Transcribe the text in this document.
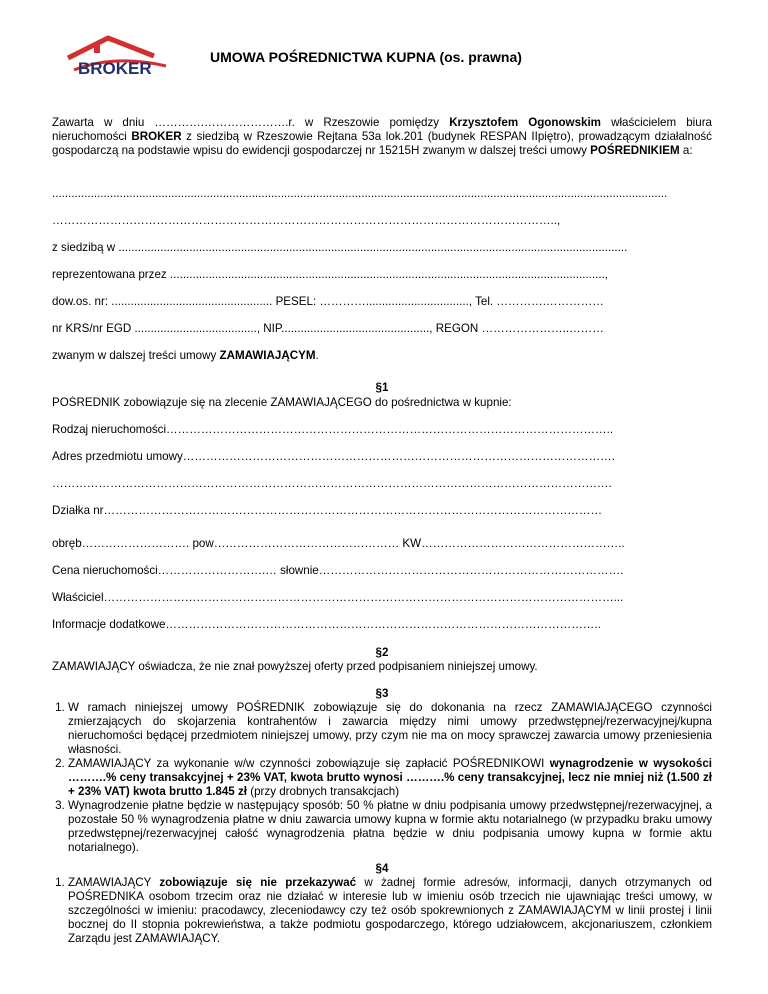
BROKER
UMOWA POŚREDNICTWA KUPNA (os. prawna)
Zawarta w dniu ………….………………….r. w Rzeszowie pomiędzy Krzysztofem Ogonowskim właścicielem biura nieruchomości BROKER z siedzibą w Rzeszowie Rejtana 53a lok.201 (budynek RESPAN IIpiętro), prowadzącym działalność gospodarczą na podstawie wpisu do ewidencji gospodarczej nr 15215H zwanym w dalszej treści umowy POŚREDNIKIEM a:
...............................................................................................................................................................................................
…………………………………………………………………………………………………………………..,
z siedzibą w ..............................................................................................................................................................
reprezentowana przez .......................................................................................................................................,
dow.os. nr: .................................................. PESEL: …………................................, Tel. ………….……………
nr KRS/nr EGD ......................................, NIP.............................................., REGON …………………..………
zwanym w dalszej treści umowy ZAMAWIAJĄCYM.
§1
POŚREDNIK zobowiązuje się na zlecenie ZAMAWIAJĄCEGO do pośrednictwa w kupnie:
Rodzaj nieruchomości……………………………………………………………………………………………………..
Adres przedmiotu umowy………………………………………………………………………………………………….
……………………………………………………………………………………………………………………………….
Działka nr…………………………………………………………………………………………………………………
obręb………………………. pow………………………………………… KW……………………………………………..
Cena nieruchomości……………………….… słownie…………………………………………………………………….
Właściciel……………………………………………………………………………………………………………………...
Informacje dodatkowe…………………………………………………………………………………………………..
§2
ZAMAWIAJĄCY oświadcza, że nie znał powyższej oferty przed podpisaniem niniejszej umowy.
§3
1. W ramach niniejszej umowy POŚREDNIK zobowiązuje się do dokonania na rzecz ZAMAWIAJĄCEGO czynności zmierzających do skojarzenia kontrahentów i zawarcia między nimi umowy przedwstępnej/rezerwacyjnej/kupna nieruchomości będącej przedmiotem niniejszej umowy, przy czym nie ma on mocy sprawczej zawarcia umowy przeniesienia własności.
2. ZAMAWIAJĄCY za wykonanie w/w czynności zobowiązuje się zapłacić POŚREDNIKOWI wynagrodzenie w wysokości ……….% ceny transakcyjnej + 23% VAT, kwota brutto wynosi ……….% ceny transakcyjnej, lecz nie mniej niż (1.500 zł + 23% VAT) kwota brutto 1.845 zł (przy drobnych transakcjach)
3. Wynagrodzenie płatne będzie w następujący sposób: 50 % płatne w dniu podpisania umowy przedwstępnej/rezerwacyjnej, a pozostałe 50 % wynagrodzenia płatne w dniu zawarcia umowy kupna w formie aktu notarialnego (w przypadku braku umowy przedwstępnej/rezerwacyjnej całość wynagrodzenia płatna będzie w dniu podpisania umowy kupna w formie aktu notarialnego).
§4
1. ZAMAWIAJĄCY zobowiązuje się nie przekazywać w żadnej formie adresów, informacji, danych otrzymanych od POŚREDNIKA osobom trzecim oraz nie działać w interesie lub w imieniu osób trzecich nie ujawniając treści umowy, w szczególności w imieniu: pracodawcy, zleceniodawcy czy też osób spokrewnionych z ZAMAWIAJĄCYM w linii prostej i linii bocznej do II stopnia pokrewieństwa, a także podmiotu gospodarczego, którego udziałowcem, akcjonariuszem, członkiem Zarządu jest ZAMAWIAJĄCY.
